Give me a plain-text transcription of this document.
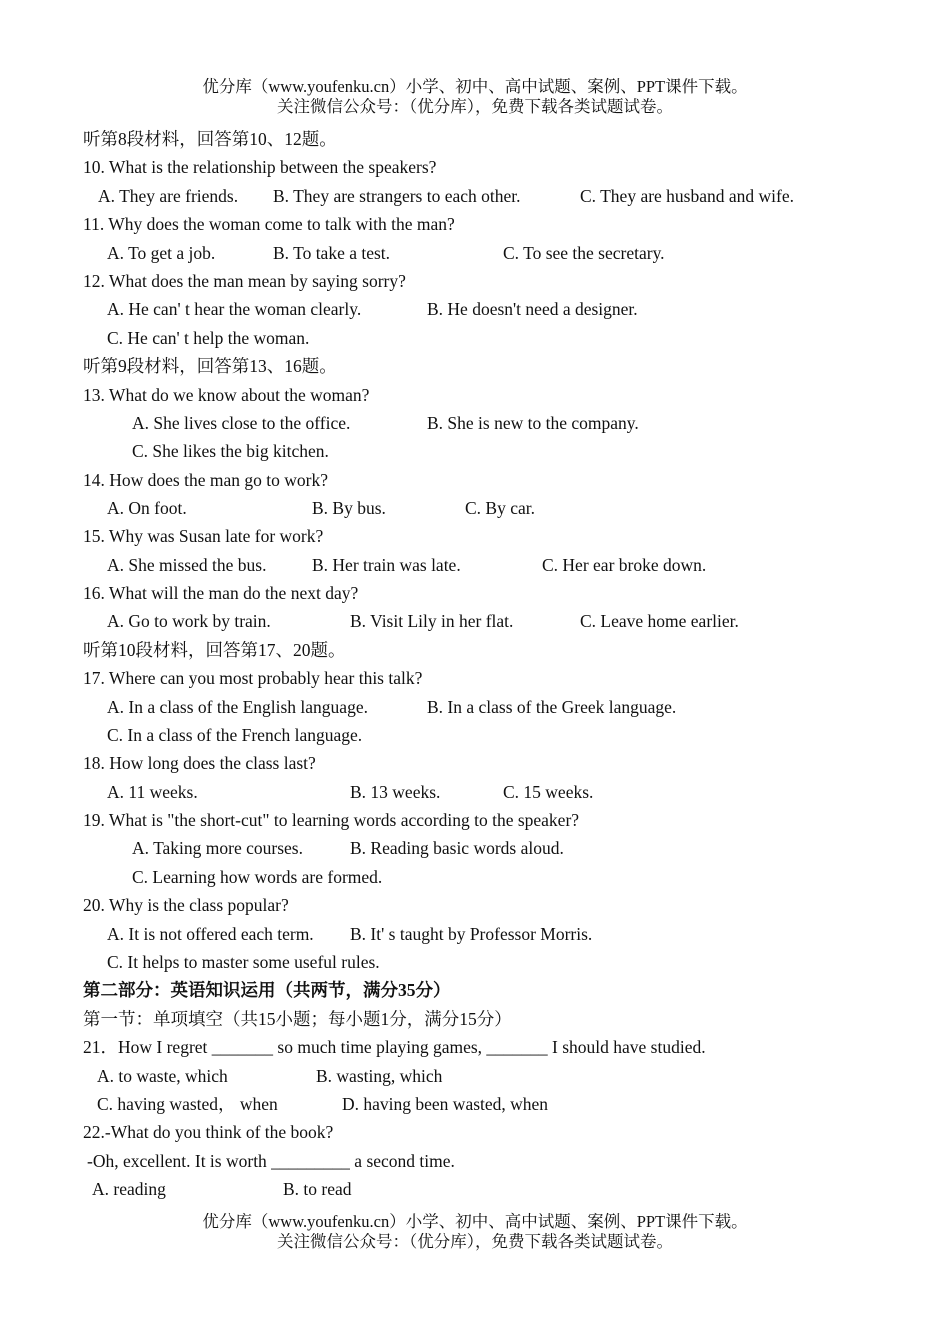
优分库（www.youfenku.cn）小学、初中、高中试题、案例、PPT课件下载。
关注微信公众号：（优分库），免费下载各类试题试卷。
听第8段材料，回答第10、12题。
10. What is the relationship between the speakers?
A. They are friends. B. They are strangers to each other.	C. They are husband and wife.
11. Why does the woman come to talk with the man?
A. To get a job.	B. To take a test.	C. To see the secretary.
12. What does the man mean by saying sorry?
A. He can' t hear the woman clearly.	B. He doesn't need a designer.
C. He can' t help the woman.
听第9段材料，回答第13、16题。
13. What do we know about the woman?
A. She lives close to the office.	B. She is new to the company.
C. She likes the big kitchen.
14. How does the man go to work?
A. On foot.	B. By bus.	C. By car.
15. Why was Susan late for work?
A. She missed the bus.	B. Her train was late.	C. Her ear broke down.
16. What will the man do the next day?
A. Go to work by train.	B. Visit Lily in her flat.	C. Leave home earlier.
听第10段材料，回答第17、20题。
17. Where can you most probably hear this talk?
A. In a class of the English language.	B. In a class of the Greek language.
C. In a class of the French language.
18. How long does the class last?
A. 11 weeks.	B. 13 weeks.	C. 15 weeks.
19. What is "the short-cut" to learning words according to the speaker?
A. Taking more courses.	B. Reading basic words aloud.
C. Learning how words are formed.
20. Why is the class popular?
A. It is not offered each term. B. It' s taught by Professor Morris.
C. It helps to master some useful rules.
第二部分：英语知识运用（共两节，满分35分）
第一节：单项填空（共15小题；每小题1分，满分15分）
21．How I regret _______ so much time playing games, _______ I should have studied.
A. to waste, which	B. wasting, which
C. having wasted， when	D. having been wasted, when
22.-What do you think of the book?
-Oh, excellent. It is worth _________ a second time.
A. reading	B. to read
优分库（www.youfenku.cn）小学、初中、高中试题、案例、PPT课件下载。
关注微信公众号：（优分库），免费下载各类试题试卷。
